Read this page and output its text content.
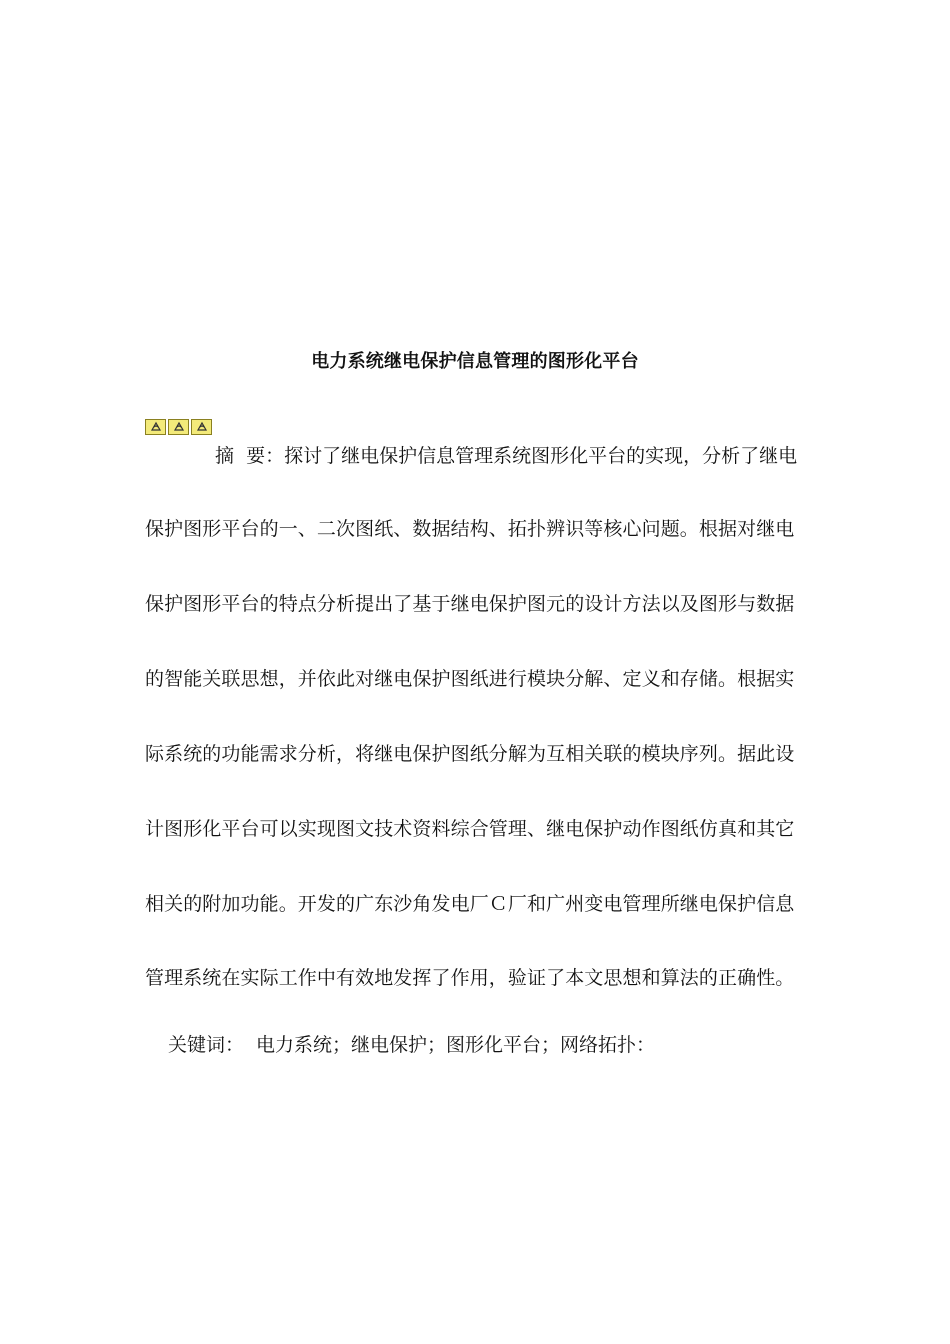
电力系统继电保护信息管理的图形化平台
摘  要：探讨了继电保护信息管理系统图形化平台的实现，分析了继电
保护图形平台的一、二次图纸、数据结构、拓扑辨识等核心问题。根据对继电
保护图形平台的特点分析提出了基于继电保护图元的设计方法以及图形与数据
的智能关联思想，并依此对继电保护图纸进行模块分解、定义和存储。根据实
际系统的功能需求分析，将继电保护图纸分解为互相关联的模块序列。据此设
计图形化平台可以实现图文技术资料综合管理、继电保护动作图纸仿真和其它
相关的附加功能。开发的广东沙角发电厂Ｃ厂和广州变电管理所继电保护信息
管理系统在实际工作中有效地发挥了作用，验证了本文思想和算法的正确性。
关键词： 电力系统；继电保护；图形化平台；网络拓扑：
